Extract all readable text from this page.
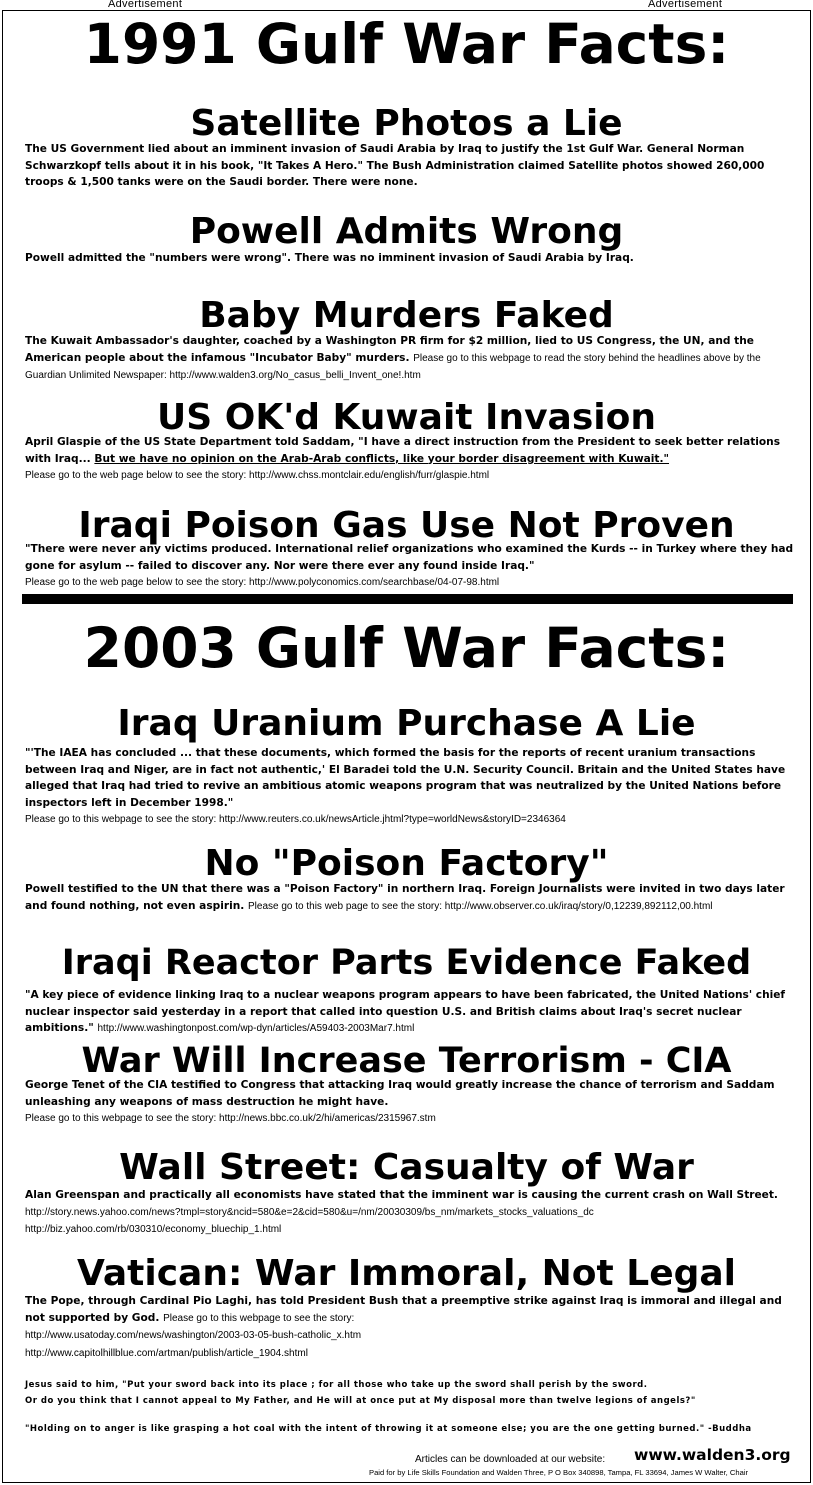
Advertisement	Advertisement
1991 Gulf War Facts:
Satellite Photos a Lie

The US Government lied about an imminent invasion of Saudi Arabia by Iraq to justify the 1st Gulf War. General Norman Schwarzkopf tells about it in his book, "It Takes A Hero." The Bush Administration claimed Satellite photos showed 260,000 troops & 1,500 tanks were on the Saudi border. There were none.

Powell Admits Wrong

Powell admitted the "numbers were wrong". There was no imminent invasion of Saudi Arabia by Iraq.

Baby Murders Faked

The Kuwait Ambassador's daughter, coached by a Washington PR firm for $2 million, lied to US Congress, the UN, and the American people about the infamous "Incubator Baby" murders. Please go to this webpage to read the story behind the headlines above by the Guardian Unlimited Newspaper: http://www.walden3.org/No_casus_belli_Invent_one!.htm

US OK'd Kuwait Invasion

April Glaspie of the US State Department told Saddam, "I have a direct instruction from the President to seek better relations with Iraq... But we have no opinion on the Arab-Arab conflicts, like your border disagreement with Kuwait."
Please go to the web page below to see the story: http://www.chss.montclair.edu/english/furr/glaspie.html

Iraqi Poison Gas Use Not Proven

"There were never any victims produced. International relief organizations who examined the Kurds -- in Turkey where they had gone for asylum -- failed to discover any. Nor were there ever any found inside Iraq."
Please go to the web page below to see the story: http://www.polyconomics.com/searchbase/04-07-98.html

2003 Gulf War Facts:
Iraq Uranium Purchase A Lie

"'The IAEA has concluded ... that these documents, which formed the basis for the reports of recent uranium transactions between Iraq and Niger, are in fact not authentic,' El Baradei told the U.N. Security Council. Britain and the United States have alleged that Iraq had tried to revive an ambitious atomic weapons program that was neutralized by the United Nations before inspectors left in December 1998."
Please go to this webpage to see the story: http://www.reuters.co.uk/newsArticle.jhtml?type=worldNews&storyID=2346364

No "Poison Factory"

Powell testified to the UN that there was a "Poison Factory" in northern Iraq. Foreign Journalists were invited in two days later and found nothing, not even aspirin. Please go to this web page to see the story: http://www.observer.co.uk/iraq/story/0,12239,892112,00.html

Iraqi Reactor Parts Evidence Faked

"A key piece of evidence linking Iraq to a nuclear weapons program appears to have been fabricated, the United Nations' chief nuclear inspector said yesterday in a report that called into question U.S. and British claims about Iraq's secret nuclear ambitions." http://www.washingtonpost.com/wp-dyn/articles/A59403-2003Mar7.html

War Will Increase Terrorism - CIA

George Tenet of the CIA testified to Congress that attacking Iraq would greatly increase the chance of terrorism and Saddam unleashing any weapons of mass destruction he might have.
Please go to this webpage to see the story: http://news.bbc.co.uk/2/hi/americas/2315967.stm

Wall Street: Casualty of War

Alan Greenspan and practically all economists have stated that the imminent war is causing the current crash on Wall Street. http://story.news.yahoo.com/news?tmpl=story&ncid=580&e=2&cid=580&u=/nm/20030309/bs_nm/markets_stocks_valuations_dc
http://biz.yahoo.com/rb/030310/economy_bluechip_1.html

Vatican: War Immoral, Not Legal

The Pope, through Cardinal Pio Laghi, has told President Bush that a preemptive strike against Iraq is immoral and illegal and not supported by God. Please go to this webpage to see the story:
http://www.usatoday.com/news/washington/2003-03-05-bush-catholic_x.htm
http://www.capitolhillblue.com/artman/publish/article_1904.shtml

Jesus said to him, "Put your sword back into its place ; for all those who take up the sword shall perish by the sword.
Or do you think that I cannot appeal to My Father, and He will at once put at My disposal more than twelve legions of angels?"
"Holding on to anger is like grasping a hot coal with the intent of throwing it at someone else; you are the one getting burned." -Buddha
Articles can be downloaded at our website: www.walden3.org
Paid for by Life Skills Foundation and Walden Three, P O Box 340898, Tampa, FL 33694, James W Walter, Chair
